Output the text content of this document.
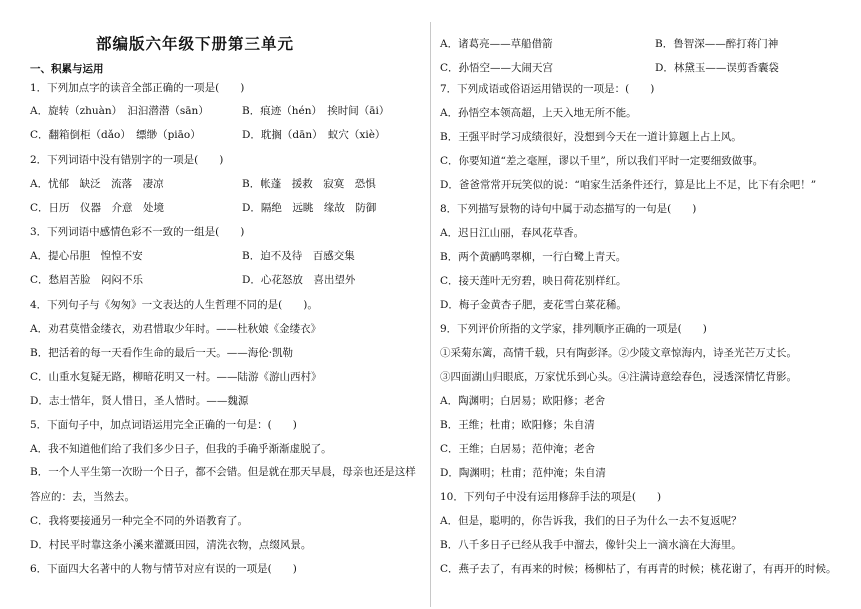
部编版六年级下册第三单元
一、积累与运用
1．下列加点字的读音全部正确的一项是(　　)
A．旋转（zhuàn）　汩汩潜潜（sān）	B．痕迹（hén）　挨时间（āi）
C．翻箱倒柜（dǎo）　缥缈（piāo）	D．耽搁（dān）　蚁穴（xiè）
2．下列词语中没有错别字的一项是(　　)
A．忧郁　缺泛　流落　凄凉	B．帐蓬　援救　寂寞　恐惧
C．日历　仪器　介意　处境	D．隔绝　远眺　缘故　防御
3．下列词语中感情色彩不一致的一组是(　　)
A．提心吊胆　惶惶不安	B．迫不及待　百感交集
C．愁眉苦脸　闷闷不乐	D．心花怒放　喜出望外
4．下列句子与《匆匆》一文表达的人生哲理不同的是(　　)。
A．劝君莫惜金缕衣，劝君惜取少年时。——杜秋娘《金缕衣》
B．把活着的每一天看作生命的最后一天。——海伦·凯勒
C．山重水复疑无路，柳暗花明又一村。——陆游《游山西村》
D．志士惜年，贤人惜日，圣人惜时。——魏源
5．下面句子中，加点词语运用完全正确的一句是：(　　)
A．我不知道他们给了我们多少日子，但我的手确乎渐渐虚脱了。
B．一个人平生第一次盼一个日子，都不会错。但是就在那天早晨，母亲也还是这样
答应的：去，当然去。
C．我将要接通另一种完全不同的外语教育了。
D．村民平时靠这条小溪来灌溉田园，清洗衣物，点缀风景。
6．下面四大名著中的人物与情节对应有误的一项是(　　)
A．诸葛亮——草船借箭	B．鲁智深——醉打蒋门神
C．孙悟空——大闹天宫	D．林黛玉——误剪香囊袋
7．下列成语或俗语运用错误的一项是：(　　)
A．孙悟空本领高超，上天入地无所不能。
B．王强平时学习成绩很好，没想到今天在一道计算题上占上风。
C．你要知道“差之毫厘，谬以千里”，所以我们平时一定要细致做事。
D．爸爸常常开玩笑似的说：“咱家生活条件还行，算是比上不足，比下有余吧！”
8．下列描写景物的诗句中属于动态描写的一句是(　　)
A．迟日江山丽，春风花草香。
B．两个黄鹂鸣翠柳，一行白鹭上青天。
C．接天莲叶无穷碧，映日荷花别样红。
D．梅子金黄杏子肥，麦花雪白菜花稀。
9．下列评价所指的文学家，排列顺序正确的一项是(　　)
①采菊东篱，高情千载，只有陶彭泽。②少陵文章惊海内，诗圣光芒万丈长。
③四面湖山归眼底，万家忧乐到心头。④注满诗意绘春色，浸透深情忆背影。
A．陶渊明；白居易；欧阳修；老舍
B．王维；杜甫；欧阳修；朱自清
C．王维；白居易；范仲淹；老舍
D．陶渊明；杜甫；范仲淹；朱自清
10．下列句子中没有运用修辞手法的项是(　　)
A．但是，聪明的，你告诉我，我们的日子为什么一去不复返呢？
B．八千多日子已经从我手中溜去，像针尖上一滴水滴在大海里。
C．燕子去了，有再来的时候；杨柳枯了，有再青的时候；桃花谢了，有再开的时候。
